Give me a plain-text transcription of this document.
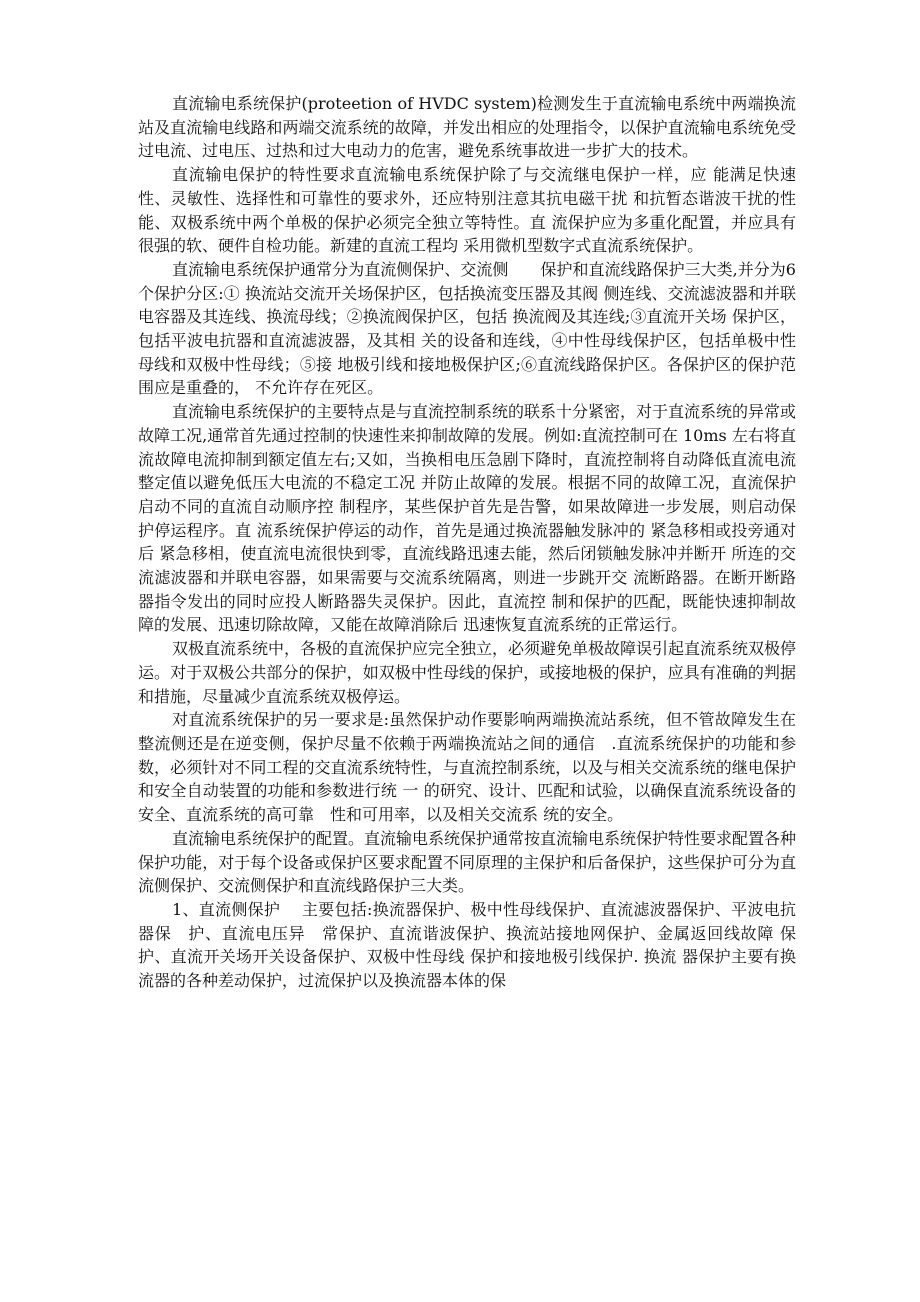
直流输电系统保护(proteetion of HVDC system)检测发生于直流输电系统中两端换流站及直流输电线路和两端交流系统的故障，并发出相应的处理指令，以保护直流输电系统免受过电流、过电压、过热和过大电动力的危害，避免系统事故进一步扩大的技术。

直流输电保护的特性要求直流输电系统保护除了与交流继电保护一样，应 能满足快速性、灵敏性、选择性和可靠性的要求外，还应特别注意其抗电磁干扰 和抗暂态谐波干扰的性能、双极系统中两个单极的保护必须完全独立等特性。直 流保护应为多重化配置，并应具有很强的软、硬件自检功能。新建的直流工程均 采用微机型数字式直流系统保护。

直流输电系统保护通常分为直流侧保护、交流侧　　保护和直流线路保护三大类,并分为6 个保护分区:① 换流站交流开关场保护区，包括换流变压器及其阀 侧连线、交流滤波器和并联电容器及其连线、换流母线；②换流阀保护区，包括 换流阀及其连线;③直流开关场 保护区，包括平波电抗器和直流滤波器，及其相 关的设备和连线，④中性母线保护区，包括单极中性母线和双极中性母线；⑤接 地极引线和接地极保护区;⑥直流线路保护区。各保护区的保护范围应是重叠的， 不允许存在死区。

直流输电系统保护的主要特点是与直流控制系统的联系十分紧密，对于直流系统的异常或故障工况,通常首先通过控制的快速性来抑制故障的发展。例如:直流控制可在 10ms 左右将直流故障电流抑制到额定值左右;又如，当换相电压急剧下降时，直流控制将自动降低直流电流整定值以避免低压大电流的不稳定工况 并防止故障的发展。根据不同的故障工况，直流保护启动不同的直流自动顺序控 制程序，某些保护首先是告警，如果故障进一步发展，则启动保护停运程序。直 流系统保护停运的动作，首先是通过换流器触发脉冲的 紧急移相或投旁通对后 紧急移相，使直流电流很快到零，直流线路迅速去能，然后闭锁触发脉冲并断开 所连的交流滤波器和并联电容器，如果需要与交流系统隔离，则进一步跳开交 流断路器。在断开断路器指令发出的同时应投人断路器失灵保护。因此，直流控 制和保护的匹配，既能快速抑制故障的发展、迅速切除故障，又能在故障消除后 迅速恢复直流系统的正常运行。

双极直流系统中，各极的直流保护应完全独立，必须避免单极故障误引起直流系统双极停运。对于双极公共部分的保护，如双极中性母线的保护，或接地极的保护，应具有准确的判据和措施，尽量减少直流系统双极停运。

对直流系统保护的另一要求是:虽然保护动作要影响两端换流站系统，但不管故障发生在整流侧还是在逆变侧，保护尽量不依赖于两端换流站之间的通信　.直流系统保护的功能和参数，必须针对不同工程的交直流系统特性，与直流控制系统，以及与相关交流系统的继电保护和安全自动装置的功能和参数进行统 一 的研究、设计、匹配和试验，以确保直流系统设备的　安全、直流系统的高可靠　性和可用率，以及相关交流系 统的安全。

直流输电系统保护的配置。直流输电系统保护通常按直流输电系统保护特性要求配置各种保护功能，对于每个设备或保护区要求配置不同原理的主保护和后备保护，这些保护可分为直流侧保护、交流侧保护和直流线路保护三大类。

1、直流侧保护　 主要包括:换流器保护、极中性母线保护、直流滤波器保护、平波电抗器保　护、直流电压异　常保护、直流谐波保护、换流站接地网保护、金属返回线故障 保护、直流开关场开关设备保护、双极中性母线 保护和接地极引线保护. 换流 器保护主要有换流器的各种差动保护，过流保护以及换流器本体的保
